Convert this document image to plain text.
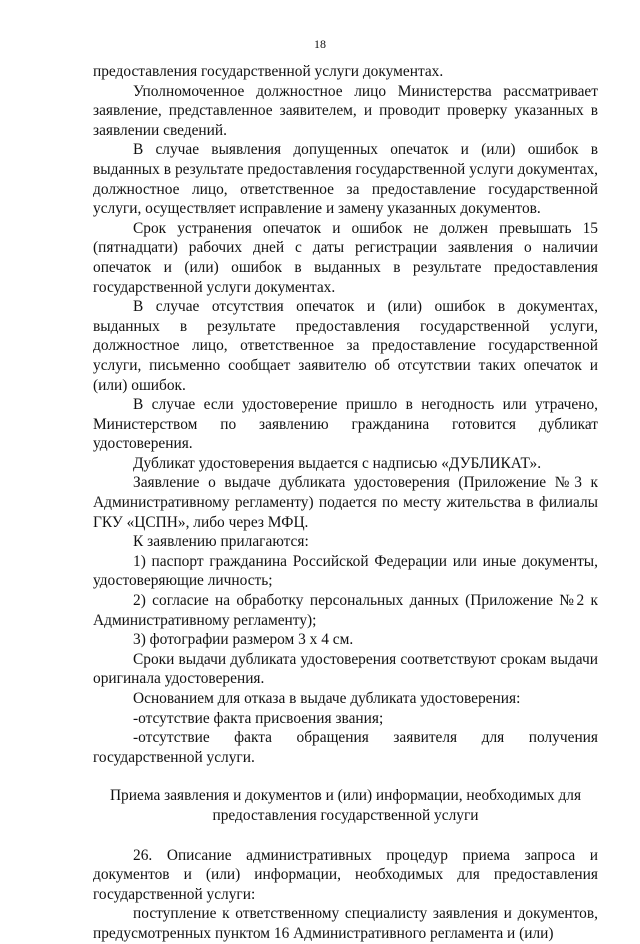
18

предоставления государственной услуги документах.

Уполномоченное должностное лицо Министерства рассматривает заявление, представленное заявителем, и проводит проверку указанных в заявлении сведений.

В случае выявления допущенных опечаток и (или) ошибок в выданных в результате предоставления государственной услуги документах, должностное лицо, ответственное за предоставление государственной услуги, осуществляет исправление и замену указанных документов.

Срок устранения опечаток и ошибок не должен превышать 15 (пятнадцати) рабочих дней с даты регистрации заявления о наличии опечаток и (или) ошибок в выданных в результате предоставления государственной услуги документах.

В случае отсутствия опечаток и (или) ошибок в документах, выданных в результате предоставления государственной услуги, должностное лицо, ответственное за предоставление государственной услуги, письменно сообщает заявителю об отсутствии таких опечаток и (или) ошибок.

В случае если удостоверение пришло в негодность или утрачено, Министерством по заявлению гражданина готовится дубликат удостоверения.

Дубликат удостоверения выдается с надписью «ДУБЛИКАТ».

Заявление о выдаче дубликата удостоверения (Приложение №3 к Административному регламенту) подается по месту жительства в филиалы ГКУ «ЦСПН», либо через МФЦ.

К заявлению прилагаются:

1) паспорт гражданина Российской Федерации или иные документы, удостоверяющие личность;

2) согласие на обработку персональных данных (Приложение №2 к Административному регламенту);

3) фотографии размером 3 х 4 см.

Сроки выдачи дубликата удостоверения соответствуют срокам выдачи оригинала удостоверения.

Основанием для отказа в выдаче дубликата удостоверения:

-отсутствие факта присвоения звания;

-отсутствие факта обращения заявителя для получения государственной услуги.

Приема заявления и документов и (или) информации, необходимых для предоставления государственной услуги

26. Описание административных процедур приема запроса и документов и (или) информации, необходимых для предоставления государственной услуги:

поступление к ответственному специалисту заявления и документов, предусмотренных пунктом 16 Административного регламента и (или)
